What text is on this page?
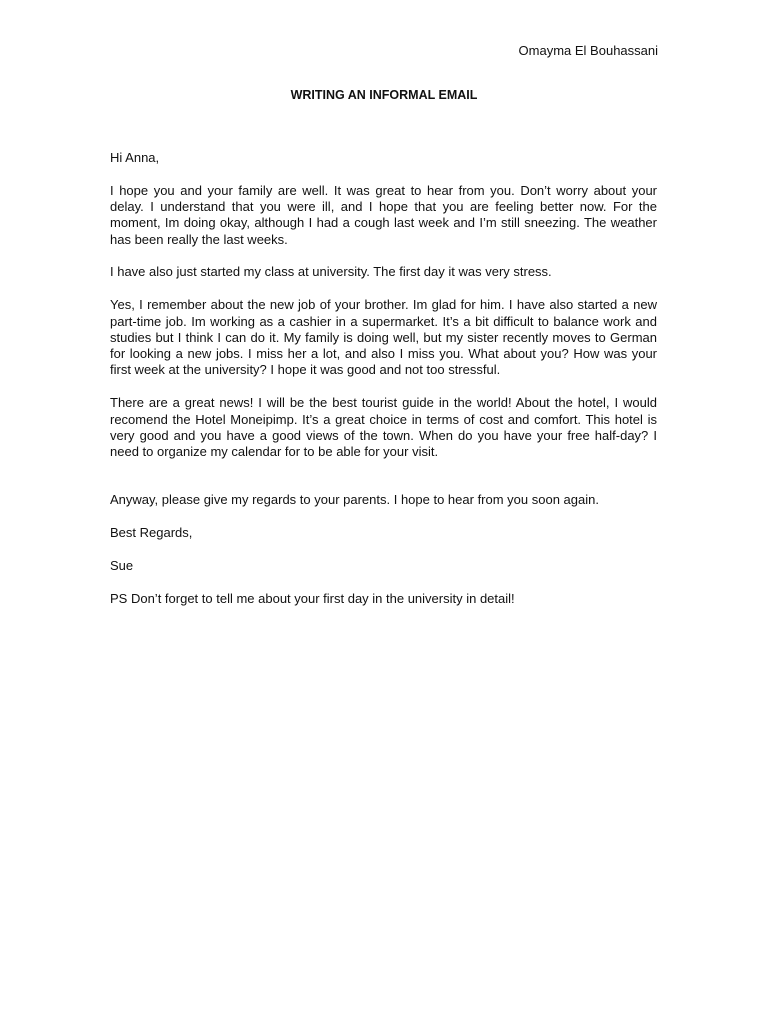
Omayma El Bouhassani
WRITING AN INFORMAL EMAIL

Hi Anna,

I hope you and your family are well. It was great to hear from you. Don’t worry about your delay. I understand that you were ill, and I hope that you are feeling better now. For the moment, Im doing okay, although I had a cough last week and I’m still sneezing. The weather has been really the last weeks.

I have also just started my class at university. The first day it was very stress.

Yes, I remember about the new job of your brother. Im glad for him. I have also started a new part-time job. Im working as a cashier in a supermarket. It’s a bit difficult to balance work and studies but I think I can do it. My family is doing well, but my sister recently moves to German for looking a new jobs. I miss her a lot, and also I miss you. What about you? How was your first week at the university? I hope it was good and not too stressful.

There are a great news! I will be the best tourist guide in the world! About the hotel, I would recomend the Hotel Moneipimp. It’s a great choice in terms of cost and comfort. This hotel is very good and you have a good views of the town. When do you have your free half-day? I need to organize my calendar for to be able for your visit.

Anyway, please give my regards to your parents. I hope to hear from you soon again.

Best Regards,

Sue

PS Don’t forget to tell me about your first day in the university in detail!
